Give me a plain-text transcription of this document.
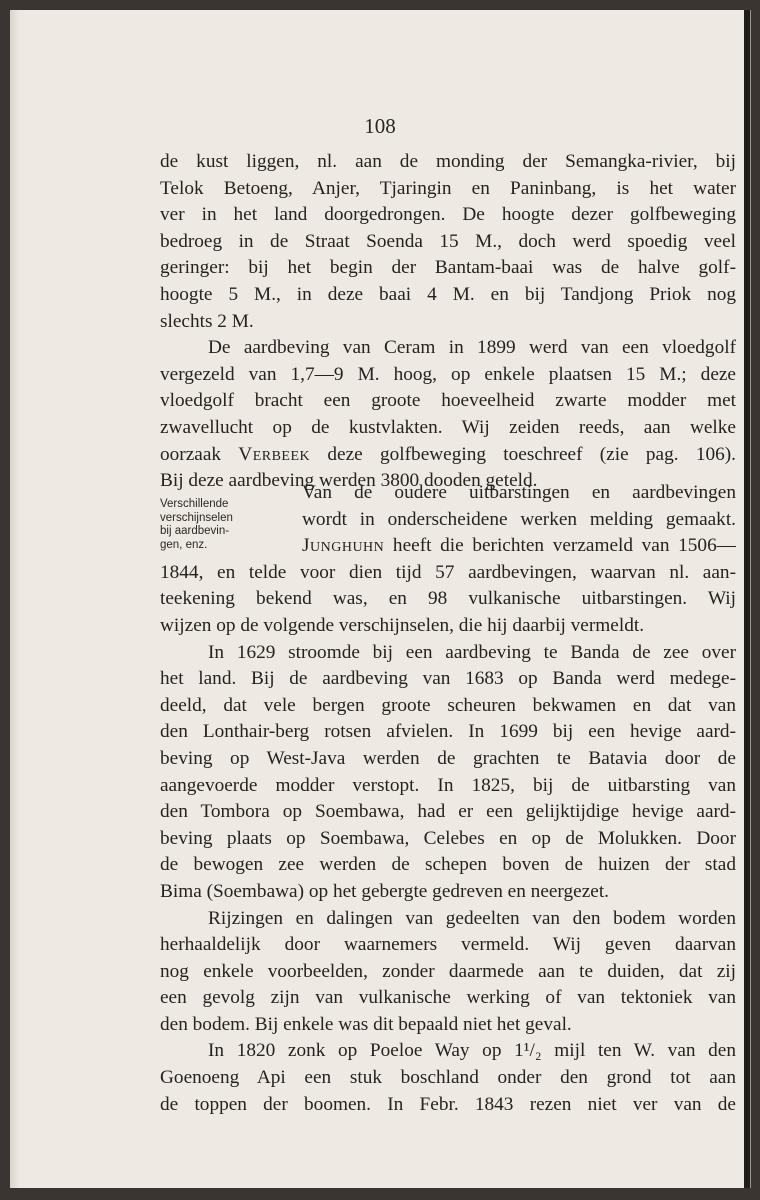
108
de kust liggen, nl. aan de monding der Semangka-rivier, bij
Telok Betoeng, Anjer, Tjaringin en Paninbang, is het water
ver in het land doorgedrongen. De hoogte dezer golfbeweging
bedroeg in de Straat Soenda 15 M., doch werd spoedig veel
geringer: bij het begin der Bantam-baai was de halve golf-
hoogte 5 M., in deze baai 4 M. en bij Tandjong Priok nog
slechts 2 M.
De aardbeving van Ceram in 1899 werd van een vloedgolf
vergezeld van 1,7—9 M. hoog, op enkele plaatsen 15 M.; deze
vloedgolf bracht een groote hoeveelheid zwarte modder met
zwavellucht op de kustvlakten. Wij zeiden reeds, aan welke
oorzaak Verbeek deze golfbeweging toeschreef (zie pag. 106).
Bij deze aardbeving werden 3800 dooden geteld.
Verschillende
verschijnselen
bij aardbevin-
gen, enz.
Van de oudere uitbarstingen en aardbevingen
wordt in onderscheidene werken melding gemaakt.
Junghuhn heeft die berichten verzameld van 1506—
1844, en telde voor dien tijd 57 aardbevingen, waarvan nl. aan-
teekening bekend was, en 98 vulkanische uitbarstingen. Wij
wijzen op de volgende verschijnselen, die hij daarbij vermeldt.
In 1629 stroomde bij een aardbeving te Banda de zee over
het land. Bij de aardbeving van 1683 op Banda werd medege-
deeld, dat vele bergen groote scheuren bekwamen en dat van
den Lonthair-berg rotsen afvielen. In 1699 bij een hevige aard-
beving op West-Java werden de grachten te Batavia door de
aangevoerde modder verstopt. In 1825, bij de uitbarsting van
den Tombora op Soembawa, had er een gelijktijdige hevige aard-
beving plaats op Soembawa, Celebes en op de Molukken. Door
de bewogen zee werden de schepen boven de huizen der stad
Bima (Soembawa) op het gebergte gedreven en neergezet.
Rijzingen en dalingen van gedeelten van den bodem worden
herhaaldelijk door waarnemers vermeld. Wij geven daarvan
nog enkele voorbeelden, zonder daarmede aan te duiden, dat zij
een gevolg zijn van vulkanische werking of van tektoniek van
den bodem. Bij enkele was dit bepaald niet het geval.
In 1820 zonk op Poeloe Way op 1¹/₂ mijl ten W. van den
Goenoeng Api een stuk boschland onder den grond tot aan
de toppen der boomen. In Febr. 1843 rezen niet ver van de
